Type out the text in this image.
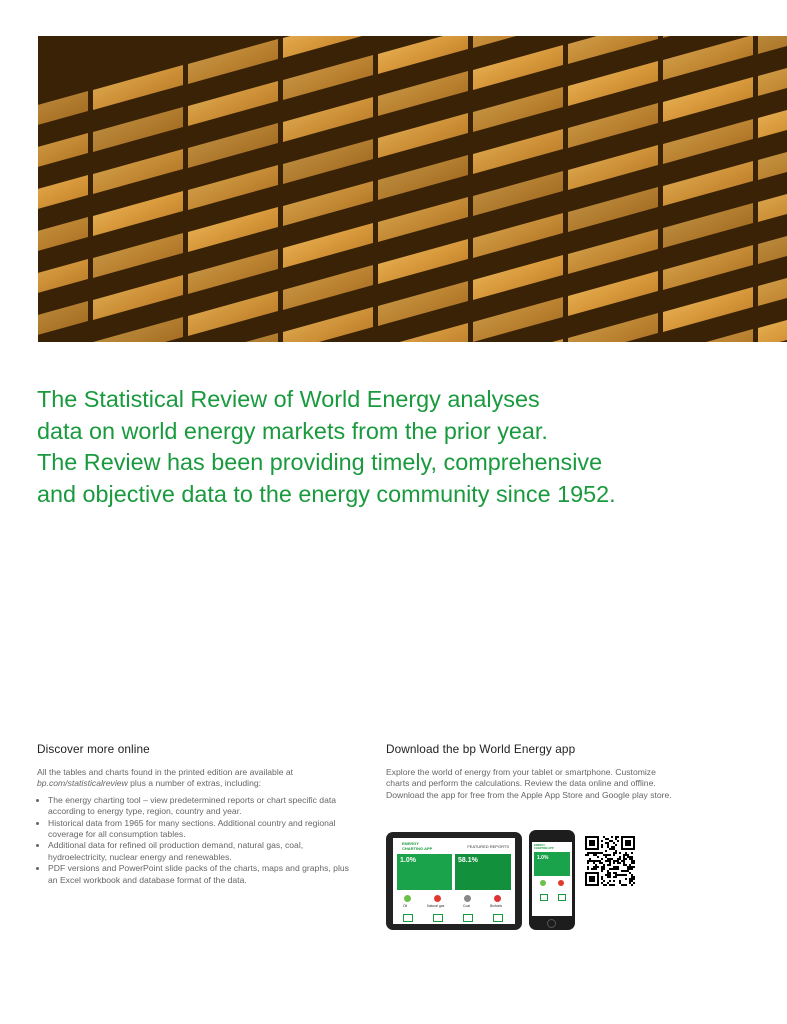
The Statistical Review of World Energy analyses
data on world energy markets from the prior year.
The Review has been providing timely, comprehensive
and objective data to the energy community since 1952.
Discover more online

All the tables and charts found in the printed edition are available at bp.com/statisticalreview plus a number of extras, including:

• The energy charting tool – view predetermined reports or chart specific data according to energy type, region, country and year.
• Historical data from 1965 for many sections. Additional country and regional coverage for all consumption tables.
• Additional data for refined oil production demand, natural gas, coal, hydroelectricity, nuclear energy and renewables.
• PDF versions and PowerPoint slide packs of the charts, maps and graphs, plus an Excel workbook and database format of the data.
Download the bp World Energy app

Explore the world of energy from your tablet or smartphone. Customize charts and perform the calculations. Review the data online and offline. Download the app for free from the Apple App Store and Google play store.

ENERGY
CHARTING APP	FEATURED REPORTS
1.0%	58.1%
Oil	Natural gas	Coal	Biofuels
ENERGY
CHARTING APP
1.0%
